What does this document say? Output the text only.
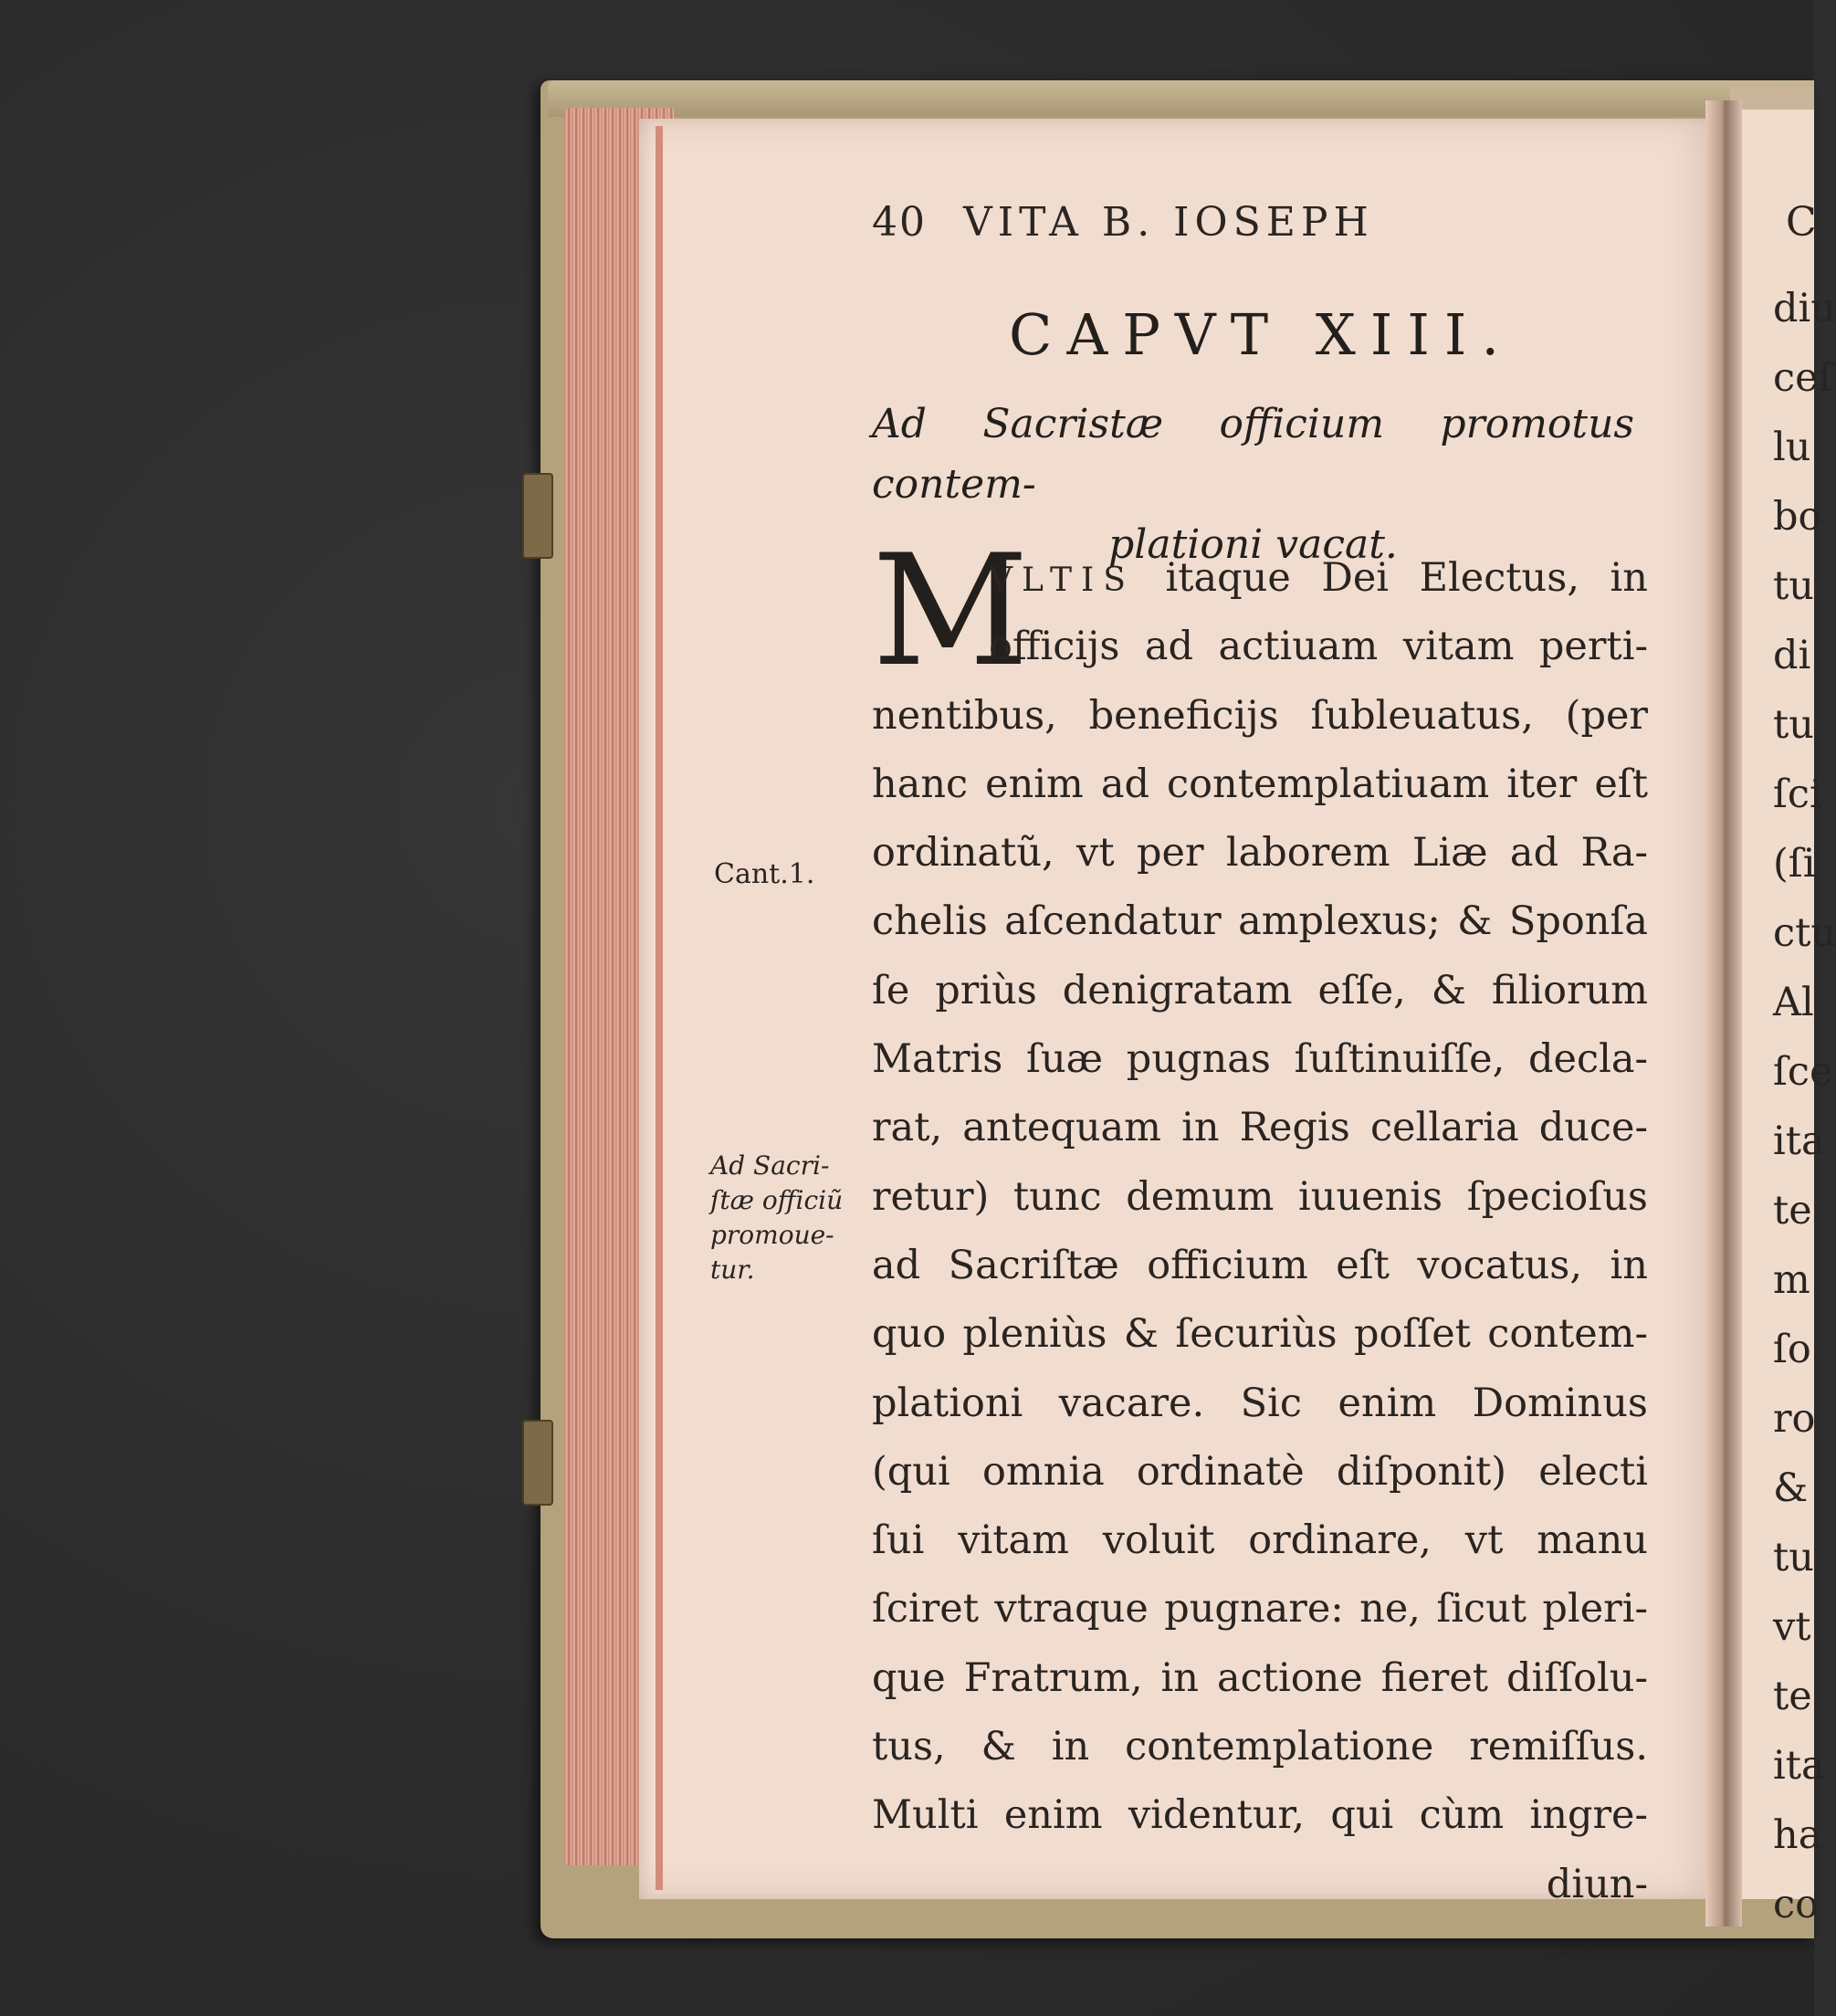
40 VITA B. IOSEPH
CAPVT XIII.
Ad Sacristæ officium promotus contem-
plationi vacat.
M
VLTIS itaque Dei Electus, in
officijs ad actiuam vitam perti-
nentibus, beneficijs ſubleuatus, (per
hanc enim ad contemplatiuam iter eſt
ordinatũ, vt per laborem Liæ ad Ra-
chelis aſcendatur amplexus; & Sponſa
ſe priùs denigratam eſſe, & filiorum
Matris ſuæ pugnas ſuſtinuiſſe, decla-
rat, antequam in Regis cellaria duce-
retur) tunc demum iuuenis ſpecioſus
ad Sacriſtæ officium eſt vocatus, in
quo pleniùs & ſecuriùs poſſet contem-
plationi vacare. Sic enim Dominus
(qui omnia ordinatè diſponit) electi
ſui vitam voluit ordinare, vt manu
ſciret vtraque pugnare: ne, ſicut pleri-
que Fratrum, in actione fieret diſſolu-
tus, & in contemplatione remiſſus.
Multi enim videntur, qui cùm ingre-
diun-
Cant.1.
Ad Sacri-
ſtæ officiũ
promoue-
tur.
C
diu
ceſ
lu
bo
tu
di
tu
ſci
(ſi
ctu
Al
ſce
ita
te
m
ſo
ro
&
tu
vt
te
ita
ha
co
